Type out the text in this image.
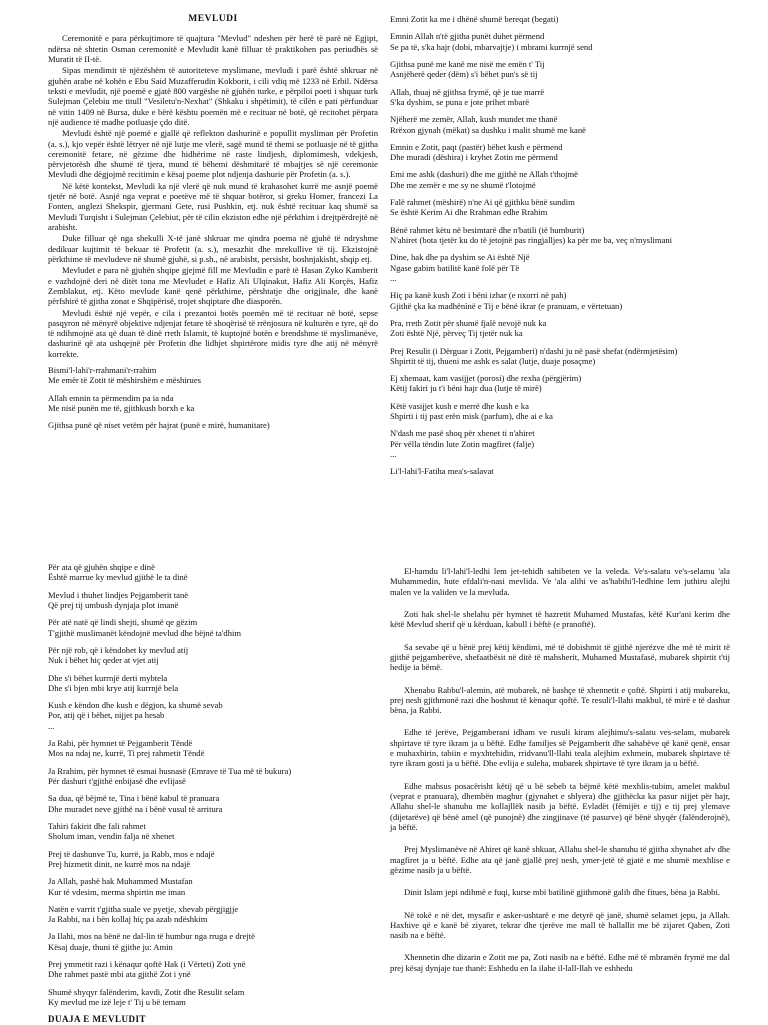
MEVLUDI

Ceremonitë e para përkujtimore të quajtura "Mevlud" ndeshen për herë të parë në Egjipt, ndërsa në shtetin Osman ceremonitë e Mevludit kanë filluar të praktikohen pas periudhës së Muratit të II-të.

Sipas mendimit të njëzëshëm të autoriteteve myslimane, mevludi i parë është shkruar në gjuhën arabe në kohën e Ebu Said Muzafferudin Kokborit, i cili vdiq më 1233 në Erbil. Ndërsa teksti e mevludit, një poemë e gjatë 800 vargëshe në gjuhën turke, e përpiloi poeti i shquar turk Sulejman Çelebiu me titull "Vesiletu'n-Nexhat" (Shkaku i shpëtimit), të cilën e pati përfunduar në vitin 1409 në Bursa, duke e bërë kështu poemën më e recituar në botë, që recitohet përpara një audience të madhe potluasje çdo ditë.

Mevludi është një poemë e gjallë që reflekton dashurinë e popullit mysliman për Profetin (a. s.), kjo vepër është lëtryer në një lutje me vlerë, sagë mund të themi se potluasje në të gjitha ceremonitë fetare, në gëzime dhe hidhërime në raste lindjesh, diplomimesh, vdekjesh, përvjetorësh dhe shumë të tjera, mund të bëhemi dëshmitarë të mbajtjes së një ceremonie Mevludi dhe dëgjojmë recitimin e kësaj poeme plot ndjenja dashurie për Profetin (a. s.).

Në këtë kontekst, Mevludi ka një vlerë që nuk mund të krahasohet kurrë me asnjë poemë tjetër në botë. Asnjë nga veprat e poetëve më të shquar botëror, si greku Homer, francezi La Fonten, anglezi Shekspir, gjermani Gete, rusi Pushkin, etj. nuk është recituar kaq shumë sa Mevludi Turqisht i Sulejman Çelebiut, për të cilin ekziston edhe një përkthim i drejtpërdrejtë në arabisht.

Duke filluar që nga shekulli X-të janë shkruar me qindra poema në gjuhë të ndryshme dedikuar kujtimit të bekuar të Profetit (a. s.), mesazhit dhe mrekullive të tij. Ekzistojnë përkthime të mevludeve në shumë gjuhë, si p.sh., në arabisht, persisht, boshnjakisht, shqip etj.

Mevludet e para në gjuhën shqipe gjejmë fill me Mevludin e parë të Hasan Zyko Kamberit e vazhdojnë deri në ditët tona me Mevludet e Hafiz Ali Ulqinakut, Hafiz Ali Korçës, Hafiz Zemblakut, etj. Këto mevlude kanë qenë përkthime, përshtatje dhe origjinale, dhe kanë përfshirë të gjitha zonat e Shqipërisë, trojet shqiptare dhe diasporën.

Mevludi është një vepër, e cila i prezantoi botës poemën më të recituar në botë, sepse pasqyron në mënyrë objektive ndjenjat fetare të shoqërisë të rrënjosura në kulturën e tyre, që do të ndihmojnë ata që duan të dinë rreth Islamit, të kuptojnë botën e brendshme të myslimanëve, dashurinë që ata ushqejnë për Profetin dhe lidhjet shpirtërore midis tyre dhe atij në mënyrë korrekte.

Bismi'l-lahi'r-rrahmani'r-rrahim
Me emër të Zotit të mëshirshëm e mëshirues
Allah emnin ta përmendim pa ia nda
Me nisë punën me të, gjithkush borxh e ka
Gjithsa punë që niset vetëm për hajrat (punë e mirë, humanitare)
Emni Zotit ka me i dhënë shumë bereqat (begati)
Emnin Allah n'të gjitha punët duhet përmend
Se pa të, s'ka hajr (dobi, mbarvajtje) i mbrami kurrnjë send
Gjithsa punë me kanë me nisë me emën t' Tij
Asnjëherë qeder (dëm) s'i bëhet pun's së tij
Allah, thuaj në gjithsa frymë, që je tue marrë
S'ka dyshim, se puna e jote prihet mbarë
Njëherë me zemër, Allah, kush mundet me thanë
Rrëxon gjynah (mëkat) sa dushku i malit shumë me kanë
Emnin e Zotit, paqt (pastër) bëhet kush e përmend
Dhe muradi (dëshira) i kryhet Zotin me përmend
Emi me ashk (dashuri) dhe me gjithë ne Allah t'thojmë
Dhe me zemër e me sy ne shumë t'lotojmë
Falë rahmet (mëshirë) n'ne Ai që gjithku bënë sundim
Se është Kerim Ai dhe Rrahman edhe Rrahim
Bënë rahmet këtu në besimtarë dhe n'batili (të humburit)
N'ahiret (bota tjetër ku do të jetojnë pas ringjalljes) ka për me ba, veç n'myslimani
Dine, hak dhe pa dyshim se Ai është Një
Ngase gabim batilitë kanë folë për Të
...
Hiç pa kanë kush Zoti i bëni izhar (e nxorri në pah)
Gjithë çka ka madhënìnë e Tij e bënë ikrar (e pranuam, e vërtetuan)
Pra, rreth Zotit për shumë fjalë nevojë nuk ka
Zoti është Një, përveç Tij tjetër nuk ka
Prej Resulit (i Dërguar i Zotit, Pejgamberi) n'dashi ju në pasë shefat (ndërmjetësim)
Shpirtit të tij, thueni me ashk es salat (lutje, duaje posaçme)
Ej xhemaat, kam vasijjet (porosi) dhe rexha (përgjërim)
Këtij fakiri ju t'i bëni hajr dua (lutje të mirë)
Këtë vasijjet kush e merrë dhe kush e ka
Shpirti i tij past erën misk (parfum), dhe ai e ka
N'dash me pasë shoq për xhenet ti n'ahiret
Për vëlla tëndin lute Zotin magfiret (falje)
...
Li'l-lahi'l-Fatiha mea's-salavat
Për ata që gjuhën shqipe e dinë
Është marrue ky mevlud gjithë le ta dinë
Mevlud i thuhet lindjes Pejgamberit tanë
Që prej tij umbush dynjaja plot imanë
Për atë natë që lindi shejti, shumë qe gëzim
T'gjithë muslimanët këndojnë mevlud dhe bëjnë ta'dhim
Për një rob, që i këndohet ky mevlud atij
Nuk i bëhet hiç qeder at vjet atij
Dhe s'i bëhet kurrnjë derti mybtela
Dhe s'i bjen mbi krye atij kurrnjë bela
Kush e këndon dhe kush e dëgjon, ka shumë sevab
Por, atij që i bëhet, nijjet pa hesab
...
Ja Rabi, për hymnet të Pejgamberit Tëndë
Mos na ndaj ne, kurrë, Ti prej rahmetit Tëndë
Ja Rrahim, për hymnet të esmai husnasë (Emrave të Tua më të bukura)
Për dashuri t'gjithë enbijasë dhe evlijasë
Sa dua, që bëjmë te, Tina i bënë kabul të pranuara
Dhe muradet neve gjithë na i bënë vusul të arritura
Tahiri fakirit dhe fali rahmet
Sholum iman, vendin falja në xhenet
Prej të dashunve Tu, kurrë, ja Rabb, mos e ndajë
Prej hizmetit dinit, ne kurrë mos na ndajë
Ja Allah, pashë hak Muhammed Mustafan
Kur të vdesim, merma shpirtin me iman
Natën e varrit t'gjitha suale ve pyetje, xhevab përgjigjje
Ja Rabbi, na i bën kollaj hiç pa azab ndëshkim
Ja Ilahi, mos na bënë ne dal-lin të humbur nga rruga e drejtë
Kësaj duaje, thuni të gjithe ju: Amin
Prej ymmetit razi i kënaqur qoftë Hak (i Vërteti) Zoti ynë
Dhe rahmet pastë mbi ata gjithë Zot i ynë
Shumë shyqyr falënderim, kavdi, Zotit dhe Resulit selam
Ky mevlud me izë leje t' Tij u bë temam
DUAJA E MEVLUDIT

El-hamdu li'l-lahi'l-ledhi lem jet-tehidh sahibeten ve la veleda. Ve's-salatu ve's-selamu 'ala Muhammedin, hute efdali'n-nasi mevlida. Ve 'ala alihi ve as'habihi'l-ledhine lem juthiru alejhi malen ve la validen ve la mevluda.

Zoti hak shel-le shelahu për hymnet të hazretit Muhamed Mustafas, këtë Kur'ani kerim dhe këtë Mevlud sherif që u kërduan, kabull i bëftë (e pranoftë).

Sa sevabe që u bënë prej këtij këndimi, më të dobishmit të gjithë njerëzve dhe më të mirit të gjithë pejgamberëve, shefaatbësit në ditë të mahsherit, Muhamed Mustafasë, mubarek shpirtit t'tij hedije ia bëmë.

Xhenabu Rabbu'l-alemin, atë mubarek, në bashçe të xhennetit e çoftë. Shpirti i atij mubareku, prej nesh gjithmonë razi dhe hoshnut të kënaqur qoftë. Te resuli'l-llahi makbul, të mirë e të dashur bëna, ja Rabbi.

Edhe të jerëve, Pejgamberani idham ve rusuli kiram alejhimu's-salatu ves-selam, mubarek shpirtave të tyre ikram ja u bëftë. Edhe familjes së Pejgamberit dhe sahabëve që kanë qenë, ensar e muhaxhirin, tabiin e myxhtehidin, rridvanu'll-llahi teala alejhim exhmein, mubarek shpirtave të tyre ikram gosti ja u bëftë. Dhe evlija e suleha, mubarek shpirtave të tyre ikram ja u bëftë.

Edhe mahsus posacërisht këtij që u bë sebeb ta bëjmë këtë mexhlis-tubim, amelet makbul (veprat e pranuara), dhembën maghur (gjynahet e shlyera) dhe gjithëcka ka pasur nijjet për hajr, Allahu shel-le shanuhu me kollajllëk nasib ja bëftë. Evladët (fëmijët e tij) e tij prej ylemave (dijetarëve) që bënë amel (që punojnë) dhe zingjinave (të pasurve) që bënë shyqër (falënderojnë), ja bëftë.

Prej Myslimanëve në Ahiret që kanë shkuar, Allahu shel-le shanuhu të gjitha xhynahet afv dhe magfiret ja u bëftë. Edhe ata që janë gjallë prej nesh, ymer-jetë të gjatë e me shumë mexhlise e gëzime nasib ja u bëftë.

Dinit Islam jepi ndihmë e fuqi, kurse mbi batilinë gjithmonë galib dhe fitues, bëna ja Rabbi.

Në tokë e në det, mysafir e asker-ushtarë e me detyrë që janë, shumë selamet jepu, ja Allah. Haxhive që e kanë bë ziyaret, tekrar dhe tjerëve me mall të hallallit me bë zijaret Qaben, Zoti nasib na e bëftë.

Xhennetin dhe dizarin e Zotit me pa, Zoti nasib na e bëftë. Edhe më të mbramën frymë me dal prej kësaj dynjaje tue thanë: Eshhedu en la ilahe il-lall-llah ve eshhedu
